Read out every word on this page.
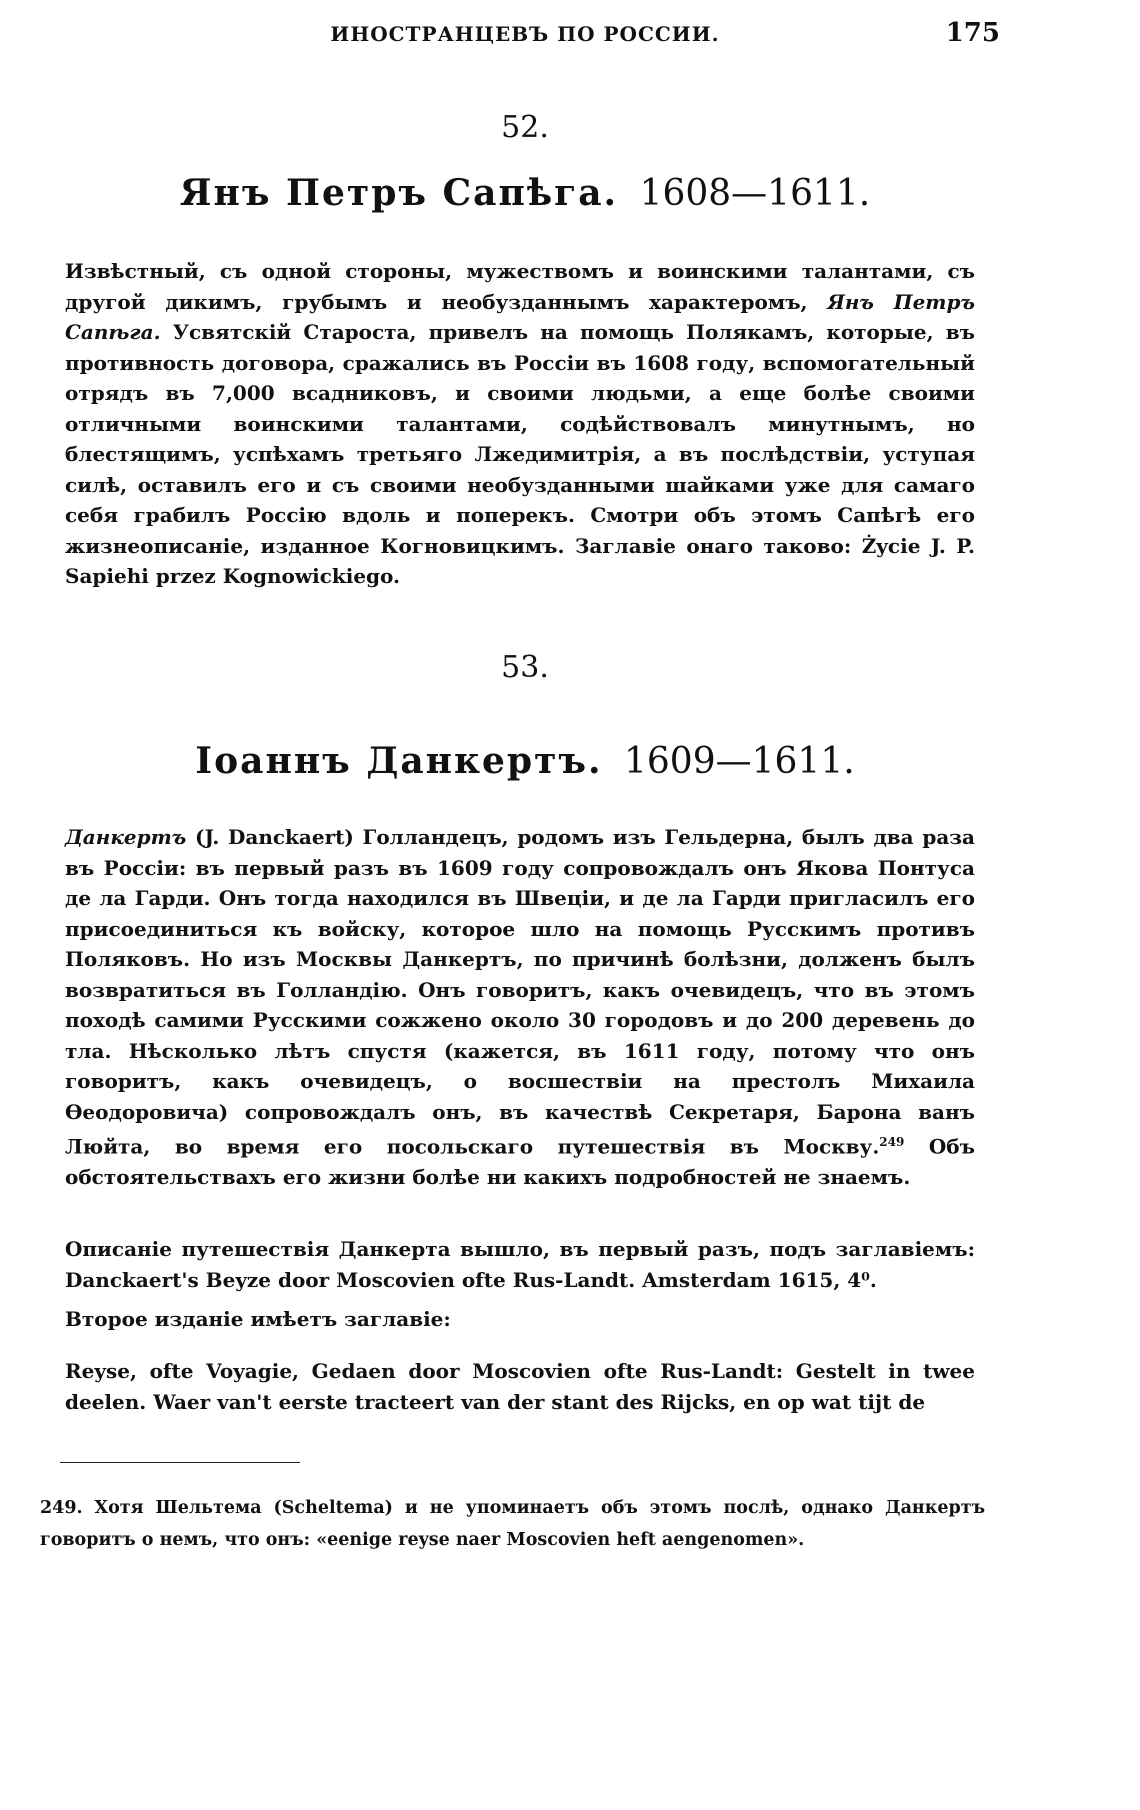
ИНОСТРАНЦЕВЪ ПО РОССИИ.	175
52.
Янъ Петръ Сапѣга. 1608—1611.

Извѣстный, съ одной стороны, мужествомъ и воинскими талантами, съ другой дикимъ, грубымъ и необузданнымъ характеромъ, Янъ Петръ Сапѣга. Усвятскій Староста, привелъ на помощь Полякамъ, которые, въ противность договора, сражались въ Россіи въ 1608 году, вспомогательный отрядъ въ 7,000 всадниковъ, и своими людьми, а еще болѣе своими отличными воинскими талантами, содѣйствовалъ минутнымъ, но блестящимъ, успѣхамъ третьяго Лжедимитрія, а въ послѣдствіи, уступая силѣ, оставилъ его и съ своими необузданными шайками уже для самаго себя грабилъ Россію вдоль и поперекъ. Смотри объ этомъ Сапѣгѣ его жизнеописаніе, изданное Когновицкимъ. Заглавіе онаго таково: Życie J. P. Sapiehi przez Kognowickiego.

53.
Іоаннъ Данкертъ. 1609—1611.

Данкертъ (J. Danckaert) Голландецъ, родомъ изъ Гельдерна, былъ два раза въ Россіи: въ первый разъ въ 1609 году сопровождалъ онъ Якова Понтуса де ла Гарди. Онъ тогда находился въ Швеціи, и де ла Гарди пригласилъ его присоединиться къ войску, которое шло на помощь Русскимъ противъ Поляковъ. Но изъ Москвы Данкертъ, по причинѣ болѣзни, долженъ былъ возвратиться въ Голландію. Онъ говоритъ, какъ очевидецъ, что въ этомъ походѣ самими Русскими сожжено около 30 городовъ и до 200 деревень до тла. Нѣсколько лѣтъ спустя (кажется, въ 1611 году, потому что онъ говоритъ, какъ очевидецъ, о восшествіи на престолъ Михаила Ѳеодоровича) сопровождалъ онъ, въ качествѣ Секретаря, Барона ванъ Люйта, во время его посольскаго путешествія въ Москву.$^{249}$ Объ обстоятельствахъ его жизни болѣе ни какихъ подробностей не знаемъ.

Описаніе путешествія Данкерта вышло, въ первый разъ, подъ заглавіемъ: Danckaert's Beyze door Moscovien ofte Rus-Landt. Amsterdam 1615, 4⁰.

Второе изданіе имѣетъ заглавіе:

Reyse, ofte Voyagie, Gedaen door Moscovien ofte Rus-Landt: Gestelt in twee deelen. Waer van't eerste tracteert van der stant des Rijcks, en op wat tijt de

249. Хотя Шельтема (Scheltema) и не упоминаетъ объ этомъ послѣ, однако Данкертъ говоритъ о немъ, что онъ: «eenige reyse naer Moscovien heft aengenomen».
